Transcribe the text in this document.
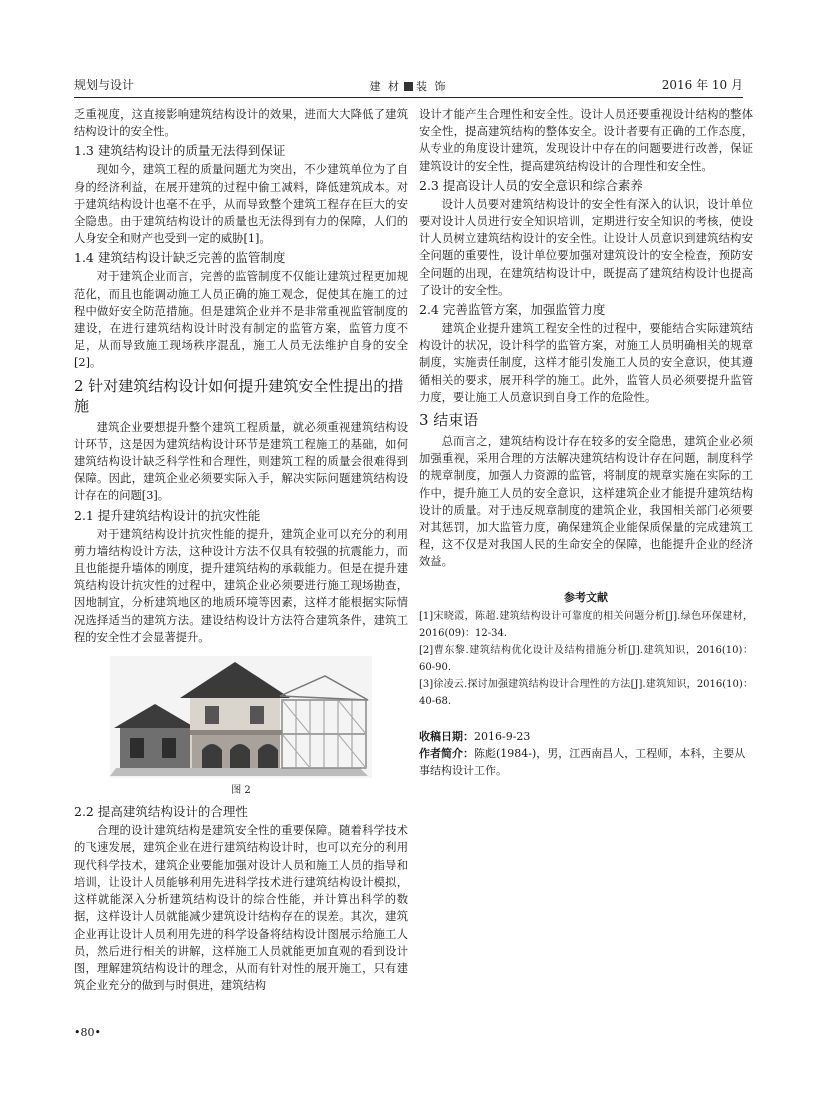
规划与设计	建 材 装 饰	2016 年 10 月

乏重视度，这直接影响建筑结构设计的效果，进而大大降低了建筑结构设计的安全性。

1.3 建筑结构设计的质量无法得到保证

现如今，建筑工程的质量问题尤为突出，不少建筑单位为了自身的经济利益，在展开建筑的过程中偷工减料，降低建筑成本。对于建筑结构设计也毫不在乎，从而导致整个建筑工程存在巨大的安全隐患。由于建筑结构设计的质量也无法得到有力的保障，人们的人身安全和财产也受到一定的威胁[1]。

1.4 建筑结构设计缺乏完善的监管制度

对于建筑企业而言，完善的监管制度不仅能让建筑过程更加规范化，而且也能调动施工人员正确的施工观念，促使其在施工的过程中做好安全防范措施。但是建筑企业并不是非常重视监管制度的建设，在进行建筑结构设计时没有制定的监管方案，监管力度不足，从而导致施工现场秩序混乱，施工人员无法维护自身的安全[2]。

2 针对建筑结构设计如何提升建筑安全性提出的措施

建筑企业要想提升整个建筑工程质量，就必须重视建筑结构设计环节，这是因为建筑结构设计环节是建筑工程施工的基础，如何建筑结构设计缺乏科学性和合理性，则建筑工程的质量会很难得到保障。因此，建筑企业必须要实际入手，解决实际问题建筑结构设计存在的问题[3]。

2.1 提升建筑结构设计的抗灾性能

对于建筑结构设计抗灾性能的提升，建筑企业可以充分的利用剪力墙结构设计方法，这种设计方法不仅具有较强的抗震能力，而且也能提升墙体的刚度，提升建筑结构的承载能力。但是在提升建筑结构设计抗灾性的过程中，建筑企业必须要进行施工现场勘查，因地制宜，分析建筑地区的地质环境等因素，这样才能根据实际情况选择适当的建筑方法。建设结构设计方法符合建筑条件，建筑工程的安全性才会显著提升。

图 2
2.2 提高建筑结构设计的合理性

合理的设计建筑结构是建筑安全性的重要保障。随着科学技术的飞速发展，建筑企业在进行建筑结构设计时，也可以充分的利用现代科学技术，建筑企业要能加强对设计人员和施工人员的指导和培训，让设计人员能够利用先进科学技术进行建筑结构设计模拟，这样就能深入分析建筑结构设计的综合性能，并计算出科学的数据，这样设计人员就能减少建筑设计结构存在的误差。其次，建筑企业再让设计人员利用先进的科学设备将结构设计图展示给施工人员，然后进行相关的讲解，这样施工人员就能更加直观的看到设计图，理解建筑结构设计的理念，从而有针对性的展开施工，只有建筑企业充分的做到与时俱进，建筑结构

设计才能产生合理性和安全性。设计人员还要重视设计结构的整体安全性，提高建筑结构的整体安全。设计者要有正确的工作态度，从专业的角度设计建筑，发现设计中存在的问题要进行改善，保证建筑设计的安全性，提高建筑结构设计的合理性和安全性。

2.3 提高设计人员的安全意识和综合素养

设计人员要对建筑结构设计的安全性有深入的认识，设计单位要对设计人员进行安全知识培训，定期进行安全知识的考核，使设计人员树立建筑结构设计的安全性。让设计人员意识到建筑结构安全问题的重要性，设计单位要加强对建筑设计的安全检查，预防安全问题的出现，在建筑结构设计中，既提高了建筑结构设计也提高了设计的安全性。

2.4 完善监管方案，加强监管力度

建筑企业提升建筑工程安全性的过程中，要能结合实际建筑结构设计的状况，设计科学的监管方案，对施工人员明确相关的规章制度，实施责任制度，这样才能引发施工人员的安全意识，使其遵循相关的要求，展开科学的施工。此外，监管人员必须要提升监管力度，要让施工人员意识到自身工作的危险性。

3 结束语

总而言之，建筑结构设计存在较多的安全隐患，建筑企业必须加强重视，采用合理的方法解决建筑结构设计存在问题，制度科学的规章制度，加强人力资源的监管，将制度的规章实施在实际的工作中，提升施工人员的安全意识，这样建筑企业才能提升建筑结构设计的质量。对于违反规章制度的建筑企业，我国相关部门必须要对其惩罚，加大监管力度，确保建筑企业能保质保量的完成建筑工程，这不仅是对我国人民的生命安全的保障，也能提升企业的经济效益。

参考文献
[1]宋晓霞，陈超.建筑结构设计可靠度的相关问题分析[J].绿色环保建材，2016(09)：12-34.
[2]曹东黎.建筑结构优化设计及结构措施分析[J].建筑知识，2016(10)：60-90.
[3]徐凌云.探讨加强建筑结构设计合理性的方法[J].建筑知识，2016(10)：40-68.
收稿日期：2016-9-23
作者简介：陈彪(1984-)，男，江西南昌人，工程师，本科，主要从事结构设计工作。
•80•
